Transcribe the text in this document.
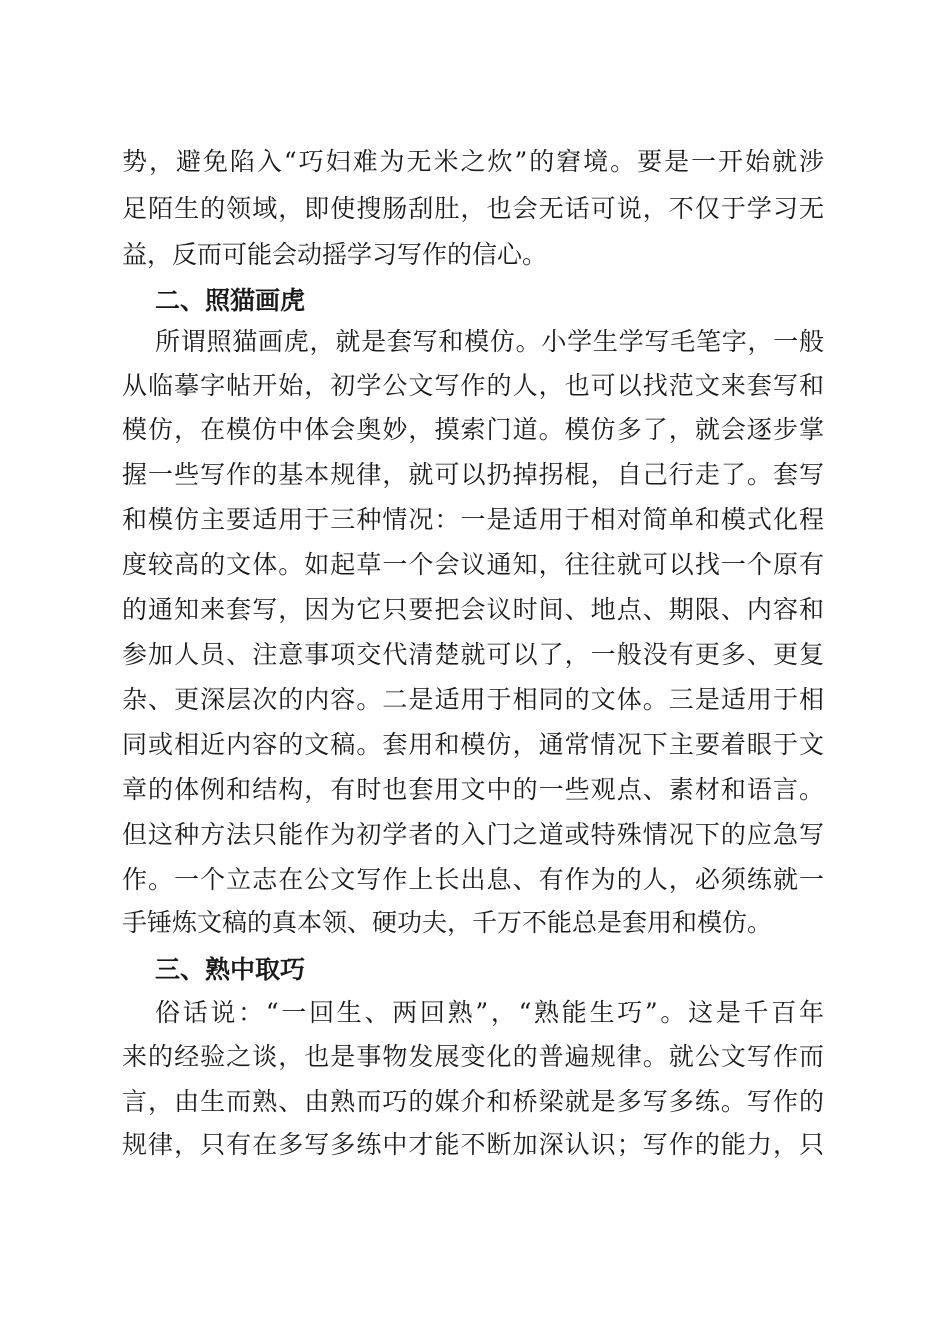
势，避免陷入“巧妇难为无米之炊”的窘境。要是一开始就涉
足陌生的领域，即使搜肠刮肚，也会无话可说，不仅于学习无
益，反而可能会动摇学习写作的信心。
二、照猫画虎
所谓照猫画虎，就是套写和模仿。小学生学写毛笔字，一般
从临摹字帖开始，初学公文写作的人，也可以找范文来套写和
模仿，在模仿中体会奥妙，摸索门道。模仿多了，就会逐步掌
握一些写作的基本规律，就可以扔掉拐棍，自己行走了。套写
和模仿主要适用于三种情况：一是适用于相对简单和模式化程
度较高的文体。如起草一个会议通知，往往就可以找一个原有
的通知来套写，因为它只要把会议时间、地点、期限、内容和
参加人员、注意事项交代清楚就可以了，一般没有更多、更复
杂、更深层次的内容。二是适用于相同的文体。三是适用于相
同或相近内容的文稿。套用和模仿，通常情况下主要着眼于文
章的体例和结构，有时也套用文中的一些观点、素材和语言。
但这种方法只能作为初学者的入门之道或特殊情况下的应急写
作。一个立志在公文写作上长出息、有作为的人，必须练就一
手锤炼文稿的真本领、硬功夫，千万不能总是套用和模仿。
三、熟中取巧
俗话说：“一回生、两回熟”，“熟能生巧”。这是千百年
来的经验之谈，也是事物发展变化的普遍规律。就公文写作而
言，由生而熟、由熟而巧的媒介和桥梁就是多写多练。写作的
规律，只有在多写多练中才能不断加深认识；写作的能力，只
